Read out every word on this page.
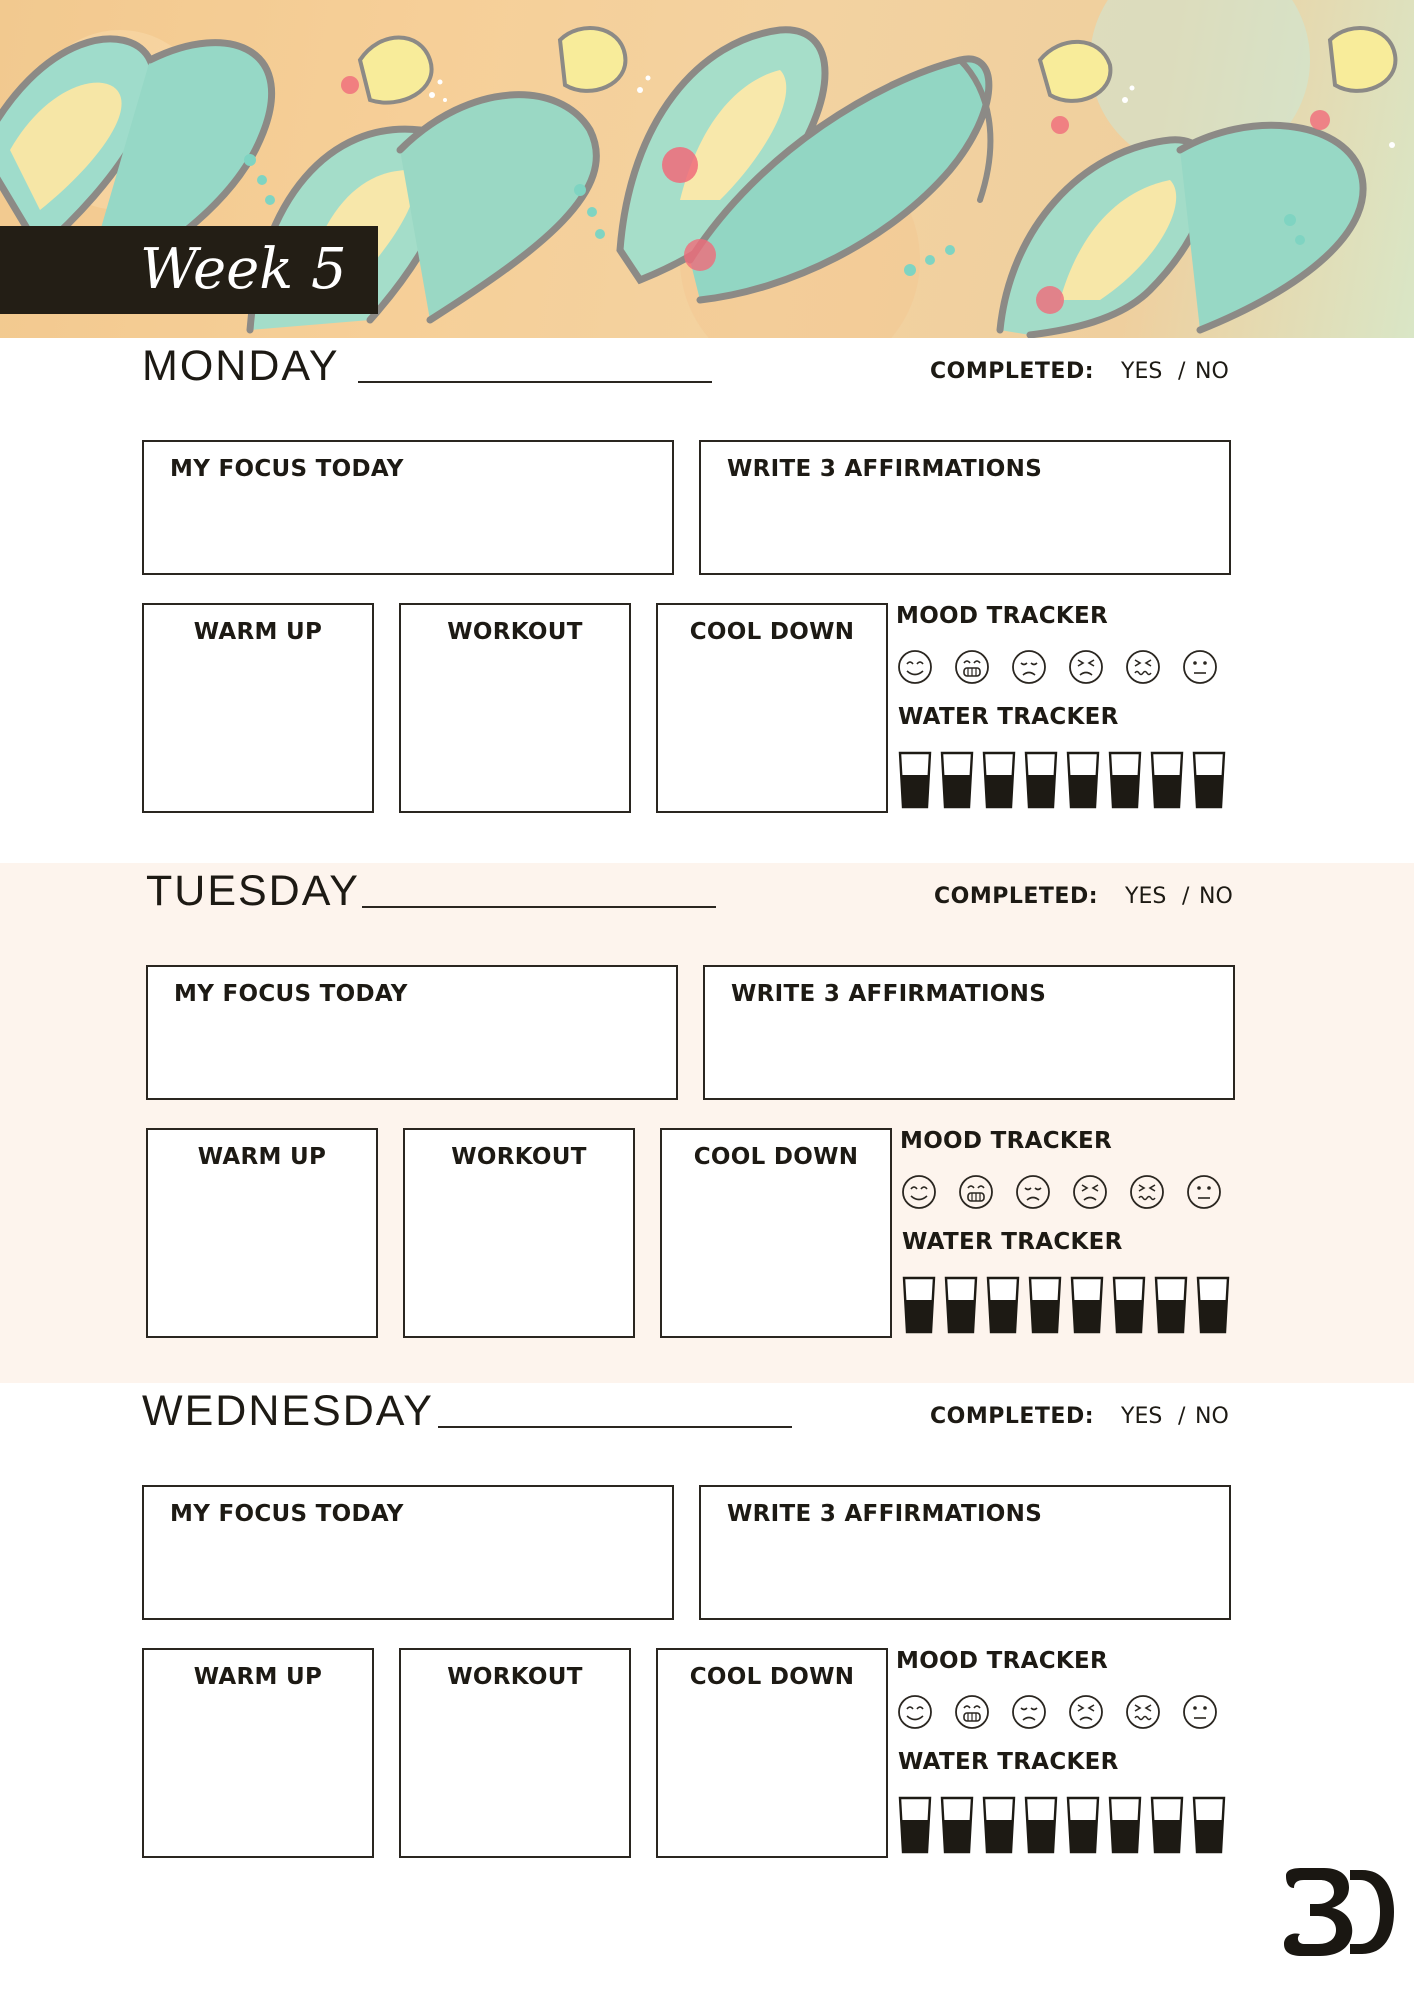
Week 5
MONDAY	COMPLETED: YES / NO
MY FOCUS TODAY	WRITE 3 AFFIRMATIONS
WARM UP	WORKOUT	COOL DOWN
MOOD TRACKER
WATER TRACKER
TUESDAY	COMPLETED: YES / NO
MY FOCUS TODAY	WRITE 3 AFFIRMATIONS
WARM UP	WORKOUT	COOL DOWN
MOOD TRACKER
WATER TRACKER
WEDNESDAY	COMPLETED: YES / NO
MY FOCUS TODAY	WRITE 3 AFFIRMATIONS
WARM UP	WORKOUT	COOL DOWN
MOOD TRACKER
WATER TRACKER
